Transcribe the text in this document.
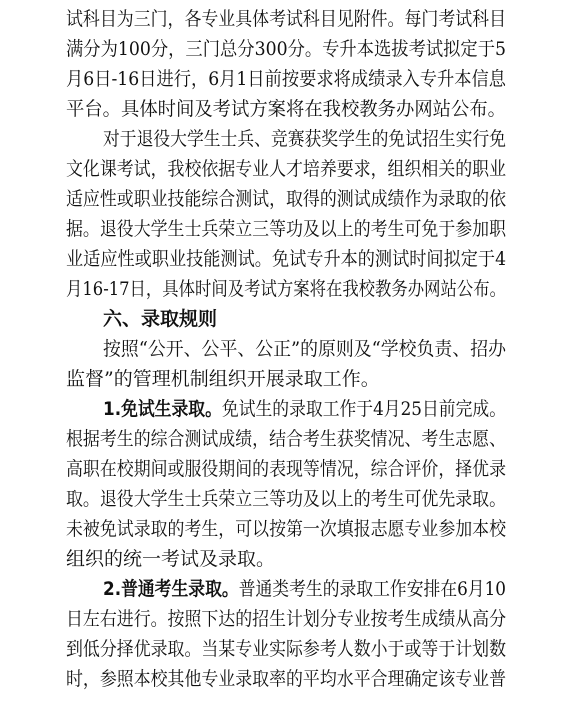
试科目为三门，各专业具体考试科目见附件。每门考试科目
满分为100分，三门总分300分。专升本选拔考试拟定于5
月6日-16日进行，6月1日前按要求将成绩录入专升本信息
平台。具体时间及考试方案将在我校教务办网站公布。
对于退役大学生士兵、竞赛获奖学生的免试招生实行免
文化课考试，我校依据专业人才培养要求，组织相关的职业
适应性或职业技能综合测试，取得的测试成绩作为录取的依
据。退役大学生士兵荣立三等功及以上的考生可免于参加职
业适应性或职业技能测试。免试专升本的测试时间拟定于4
月16-17日，具体时间及考试方案将在我校教务办网站公布。
六、录取规则
按照“公开、公平、公正”的原则及“学校负责、招办
监督”的管理机制组织开展录取工作。
1.免试生录取。免试生的录取工作于4月25日前完成。
根据考生的综合测试成绩，结合考生获奖情况、考生志愿、
高职在校期间或服役期间的表现等情况，综合评价，择优录
取。退役大学生士兵荣立三等功及以上的考生可优先录取。
未被免试录取的考生，可以按第一次填报志愿专业参加本校
组织的统一考试及录取。
2.普通考生录取。普通类考生的录取工作安排在6月10
日左右进行。按照下达的招生计划分专业按考生成绩从高分
到低分择优录取。当某专业实际参考人数小于或等于计划数
时，参照本校其他专业录取率的平均水平合理确定该专业普
